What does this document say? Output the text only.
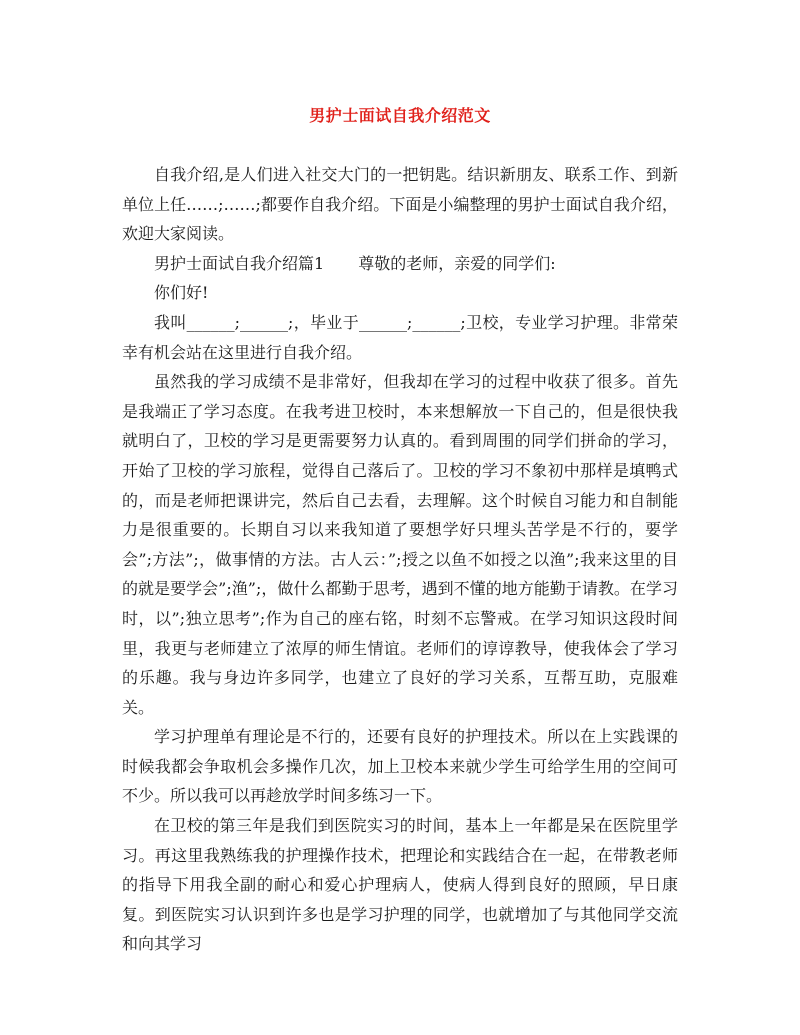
男护士面试自我介绍范文

自我介绍,是人们进入社交大门的一把钥匙。结识新朋友、联系工作、到新单位上任……;……;都要作自我介绍。下面是小编整理的男护士面试自我介绍，欢迎大家阅读。

男护士面试自我介绍篇1 尊敬的老师，亲爱的同学们:

你们好!

我叫______;______;，毕业于______;______;卫校，专业学习护理。非常荣幸有机会站在这里进行自我介绍。

虽然我的学习成绩不是非常好，但我却在学习的过程中收获了很多。首先是我端正了学习态度。在我考进卫校时，本来想解放一下自己的，但是很快我就明白了，卫校的学习是更需要努力认真的。看到周围的同学们拼命的学习，开始了卫校的学习旅程，觉得自己落后了。卫校的学习不象初中那样是填鸭式的，而是老师把课讲完，然后自己去看，去理解。这个时候自习能力和自制能力是很重要的。长期自习以来我知道了要想学好只埋头苦学是不行的，要学会”;方法”;，做事情的方法。古人云：”;授之以鱼不如授之以渔”;我来这里的目的就是要学会”;渔”;，做什么都勤于思考，遇到不懂的地方能勤于请教。在学习时，以”;独立思考”;作为自己的座右铭，时刻不忘警戒。在学习知识这段时间里，我更与老师建立了浓厚的师生情谊。老师们的谆谆教导，使我体会了学习的乐趣。我与身边许多同学，也建立了良好的学习关系，互帮互助，克服难关。

学习护理单有理论是不行的，还要有良好的护理技术。所以在上实践课的时候我都会争取机会多操作几次，加上卫校本来就少学生可给学生用的空间可不少。所以我可以再趁放学时间多练习一下。

在卫校的第三年是我们到医院实习的时间，基本上一年都是呆在医院里学习。再这里我熟练我的护理操作技术，把理论和实践结合在一起，在带教老师的指导下用我全副的耐心和爱心护理病人，使病人得到良好的照顾，早日康复。到医院实习认识到许多也是学习护理的同学，也就增加了与其他同学交流和向其学习
